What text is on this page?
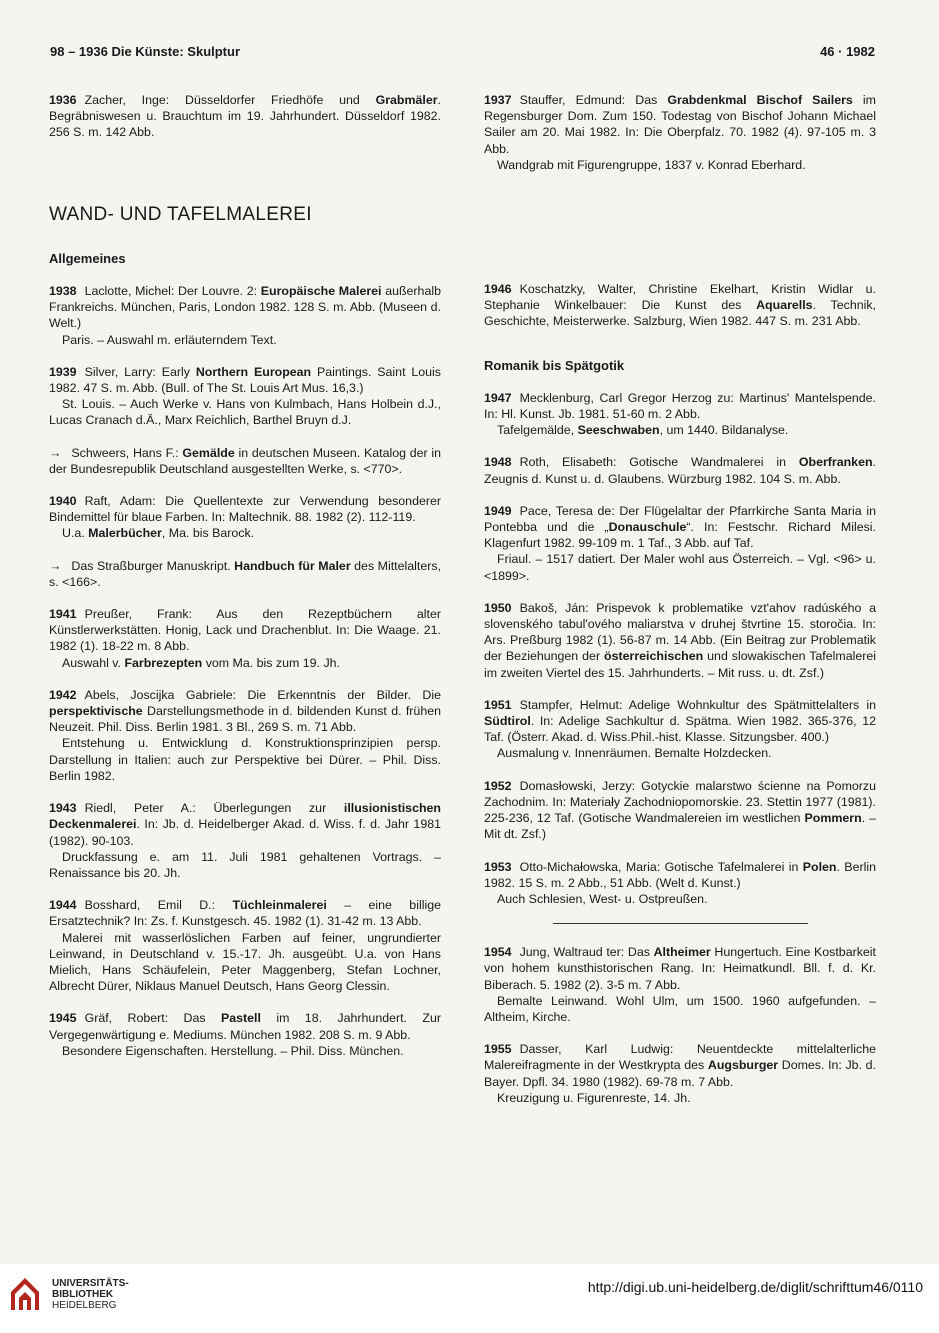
98 – 1936 Die Künste: Skulptur	46 · 1982

1936 Zacher, Inge: Düsseldorfer Friedhöfe und Grabmäler. Begräbniswesen u. Brauchtum im 19. Jahrhundert. Düsseldorf 1982. 256 S. m. 142 Abb.

WAND- UND TAFELMALEREI
Allgemeines

1938 Laclotte, Michel: Der Louvre. 2: Europäische Malerei außerhalb Frankreichs. München, Paris, London 1982. 128 S. m. Abb. (Museen d. Welt.)

Paris. – Auswahl m. erläuterndem Text.

1939 Silver, Larry: Early Northern European Paintings. Saint Louis 1982. 47 S. m. Abb. (Bull. of The St. Louis Art Mus. 16,3.)

St. Louis. – Auch Werke v. Hans von Kulmbach, Hans Holbein d.J., Lucas Cranach d.Ä., Marx Reichlich, Barthel Bruyn d.J.

→ Schweers, Hans F.: Gemälde in deutschen Museen. Katalog der in der Bundesrepublik Deutschland ausgestellten Werke, s. <770>.

1940 Raft, Adam: Die Quellentexte zur Verwendung besonderer Bindemittel für blaue Farben. In: Maltechnik. 88. 1982 (2). 112-119.

U.a. Malerbücher, Ma. bis Barock.

→ Das Straßburger Manuskript. Handbuch für Maler des Mittelalters, s. <166>.

1941 Preußer, Frank: Aus den Rezeptbüchern alter Künstlerwerkstätten. Honig, Lack und Drachenblut. In: Die Waage. 21. 1982 (1). 18-22 m. 8 Abb.

Auswahl v. Farbrezepten vom Ma. bis zum 19. Jh.

1942 Abels, Joscijka Gabriele: Die Erkenntnis der Bilder. Die perspektivische Darstellungsmethode in d. bildenden Kunst d. frühen Neuzeit. Phil. Diss. Berlin 1981. 3 Bl., 269 S. m. 71 Abb.

Entstehung u. Entwicklung d. Konstruktionsprinzipien persp. Darstellung in Italien: auch zur Perspektive bei Dürer. – Phil. Diss. Berlin 1982.

1943 Riedl, Peter A.: Überlegungen zur illusionistischen Deckenmalerei. In: Jb. d. Heidelberger Akad. d. Wiss. f. d. Jahr 1981 (1982). 90-103.

Druckfassung e. am 11. Juli 1981 gehaltenen Vortrags. – Renaissance bis 20. Jh.

1944 Bosshard, Emil D.: Tüchleinmalerei – eine billige Ersatztechnik? In: Zs. f. Kunstgesch. 45. 1982 (1). 31-42 m. 13 Abb.

Malerei mit wasserlöslichen Farben auf feiner, ungrundierter Leinwand, in Deutschland v. 15.-17. Jh. ausgeübt. U.a. von Hans Mielich, Hans Schäufelein, Peter Maggenberg, Stefan Lochner, Albrecht Dürer, Niklaus Manuel Deutsch, Hans Georg Clessin.

1945 Gräf, Robert: Das Pastell im 18. Jahrhundert. Zur Vergegenwärtigung e. Mediums. München 1982. 208 S. m. 9 Abb.

Besondere Eigenschaften. Herstellung. – Phil. Diss. München.

1937 Stauffer, Edmund: Das Grabdenkmal Bischof Sailers im Regensburger Dom. Zum 150. Todestag von Bischof Johann Michael Sailer am 20. Mai 1982. In: Die Oberpfalz. 70. 1982 (4). 97-105 m. 3 Abb.

Wandgrab mit Figurengruppe, 1837 v. Konrad Eberhard.

1946 Koschatzky, Walter, Christine Ekelhart, Kristin Widlar u. Stephanie Winkelbauer: Die Kunst des Aquarells. Technik, Geschichte, Meisterwerke. Salzburg, Wien 1982. 447 S. m. 231 Abb.

Romanik bis Spätgotik

1947 Mecklenburg, Carl Gregor Herzog zu: Martinus' Mantelspende. In: Hl. Kunst. Jb. 1981. 51-60 m. 2 Abb.

Tafelgemälde, Seeschwaben, um 1440. Bildanalyse.

1948 Roth, Elisabeth: Gotische Wandmalerei in Oberfranken. Zeugnis d. Kunst u. d. Glaubens. Würzburg 1982. 104 S. m. Abb.

1949 Pace, Teresa de: Der Flügelaltar der Pfarrkirche Santa Maria in Pontebba und die „Donauschule“. In: Festschr. Richard Milesi. Klagenfurt 1982. 99-109 m. 1 Taf., 3 Abb. auf Taf.

Friaul. – 1517 datiert. Der Maler wohl aus Österreich. – Vgl. <96> u. <1899>.

1950 Bakoš, Ján: Prispevok k problematike vzt'ahov radúského a slovenského tabul'ového maliarstva v druhej štvrtine 15. storočia. In: Ars. Preßburg 1982 (1). 56-87 m. 14 Abb. (Ein Beitrag zur Problematik der Beziehungen der österreichischen und slowakischen Tafelmalerei im zweiten Viertel des 15. Jahrhunderts. – Mit russ. u. dt. Zsf.)

1951 Stampfer, Helmut: Adelige Wohnkultur des Spätmittelalters in Südtirol. In: Adelige Sachkultur d. Spätma. Wien 1982. 365-376, 12 Taf. (Österr. Akad. d. Wiss.Phil.-hist. Klasse. Sitzungsber. 400.)

Ausmalung v. Innenräumen. Bemalte Holzdecken.

1952 Domasłowski, Jerzy: Gotyckie malarstwo ścienne na Pomorzu Zachodnim. In: Materiały Zachodniopomorskie. 23. Stettin 1977 (1981). 225-236, 12 Taf. (Gotische Wandmalereien im westlichen Pommern. – Mit dt. Zsf.)

1953 Otto-Michałowska, Maria: Gotische Tafelmalerei in Polen. Berlin 1982. 15 S. m. 2 Abb., 51 Abb. (Welt d. Kunst.)

Auch Schlesien, West- u. Ostpreußen.

1954 Jung, Waltraud ter: Das Altheimer Hungertuch. Eine Kostbarkeit von hohem kunsthistorischen Rang. In: Heimatkundl. Bll. f. d. Kr. Biberach. 5. 1982 (2). 3-5 m. 7 Abb.

Bemalte Leinwand. Wohl Ulm, um 1500. 1960 aufgefunden. – Altheim, Kirche.

1955 Dasser, Karl Ludwig: Neuentdeckte mittelalterliche Malereifragmente in der Westkrypta des Augsburger Domes. In: Jb. d. Bayer. Dpfl. 34. 1980 (1982). 69-78 m. 7 Abb.

Kreuzigung u. Figurenreste, 14. Jh.

UNIVERSITÄTS-
BIBLIOTHEK
HEIDELBERG
http://digi.ub.uni-heidelberg.de/diglit/schrifttum46/0110
